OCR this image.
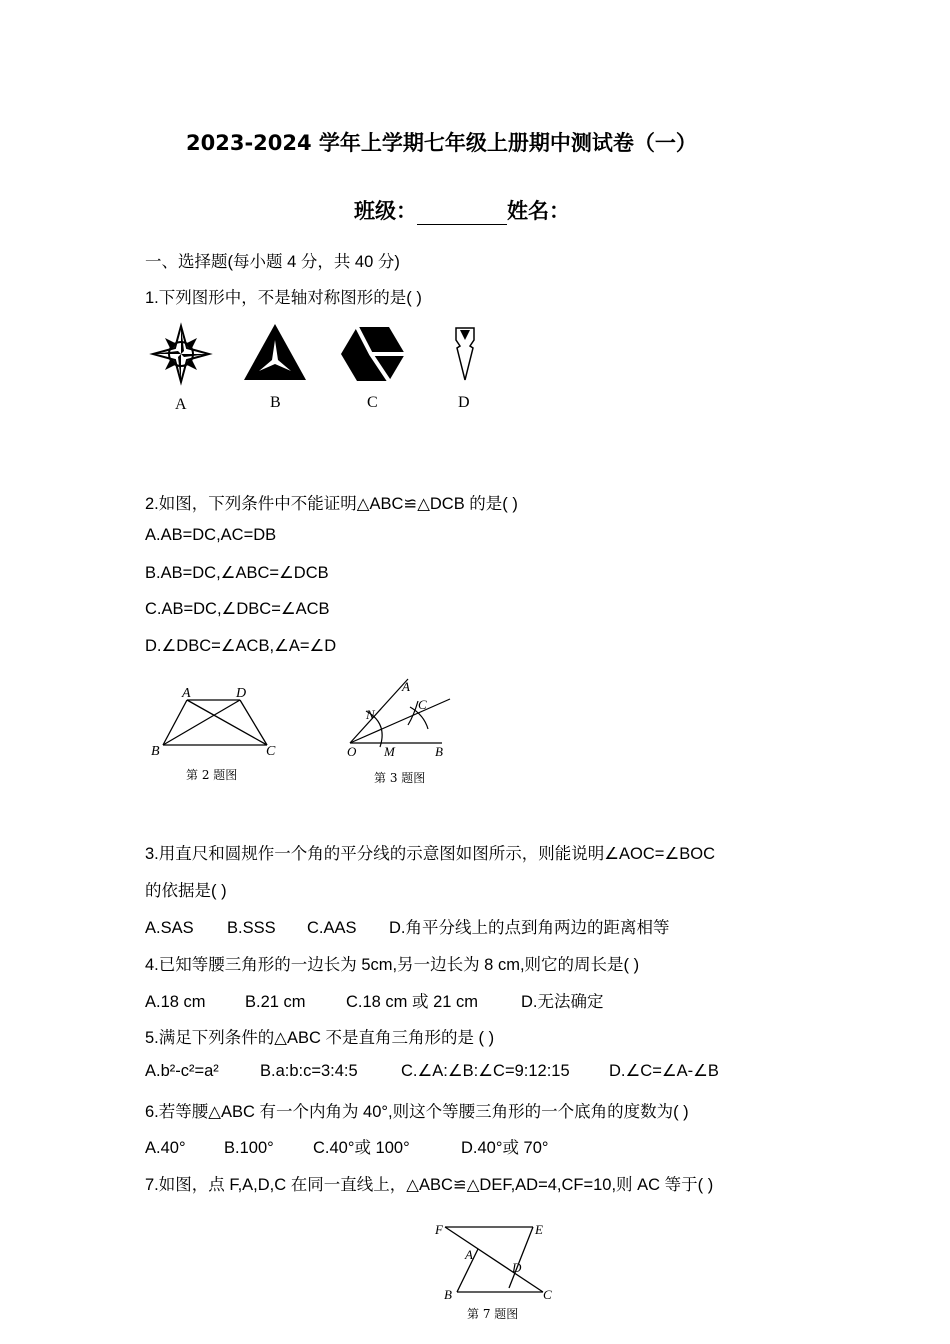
2023-2024 学年上学期七年级上册期中测试卷（一）
班级：	姓名：
一、选择题(每小题 4 分，共 40 分)
1.下列图形中，不是轴对称图形的是( )
A	B	C	D
2.如图，下列条件中不能证明△ABC≌△DCB 的是( )
A.AB=DC,AC=DB
B.AB=DC,∠ABC=∠DCB
C.AB=DC,∠DBC=∠ACB
D.∠DBC=∠ACB,∠A=∠D
A	D
B	C
第 2 题图
A
N
C
O M	B
第 3 题图
3.用直尺和圆规作一个角的平分线的示意图如图所示，则能说明∠AOC=∠BOC
的依据是( )
A.SAS B.SSS C.AAS D.角平分线上的点到角两边的距离相等
4.已知等腰三角形的一边长为 5cm,另一边长为 8 cm,则它的周长是( )
A.18 cm B.21 cm C.18 cm 或 21 cm	D.无法确定
5.满足下列条件的△ABC 不是直角三角形的是 ( )
A.b²-c²=a² B.a:b:c=3:4:5	C.∠A:∠B:∠C=9:12:15 D.∠C=∠A-∠B
6.若等腰△ABC 有一个内角为 40°,则这个等腰三角形的一个底角的度数为( )
A.40° B.100° C.40°或 100°	D.40°或 70°
7.如图，点 F,A,D,C 在同一直线上，△ABC≌△DEF,AD=4,CF=10,则 AC 等于( )
F	E
A
D
B	C
第 7 题图
